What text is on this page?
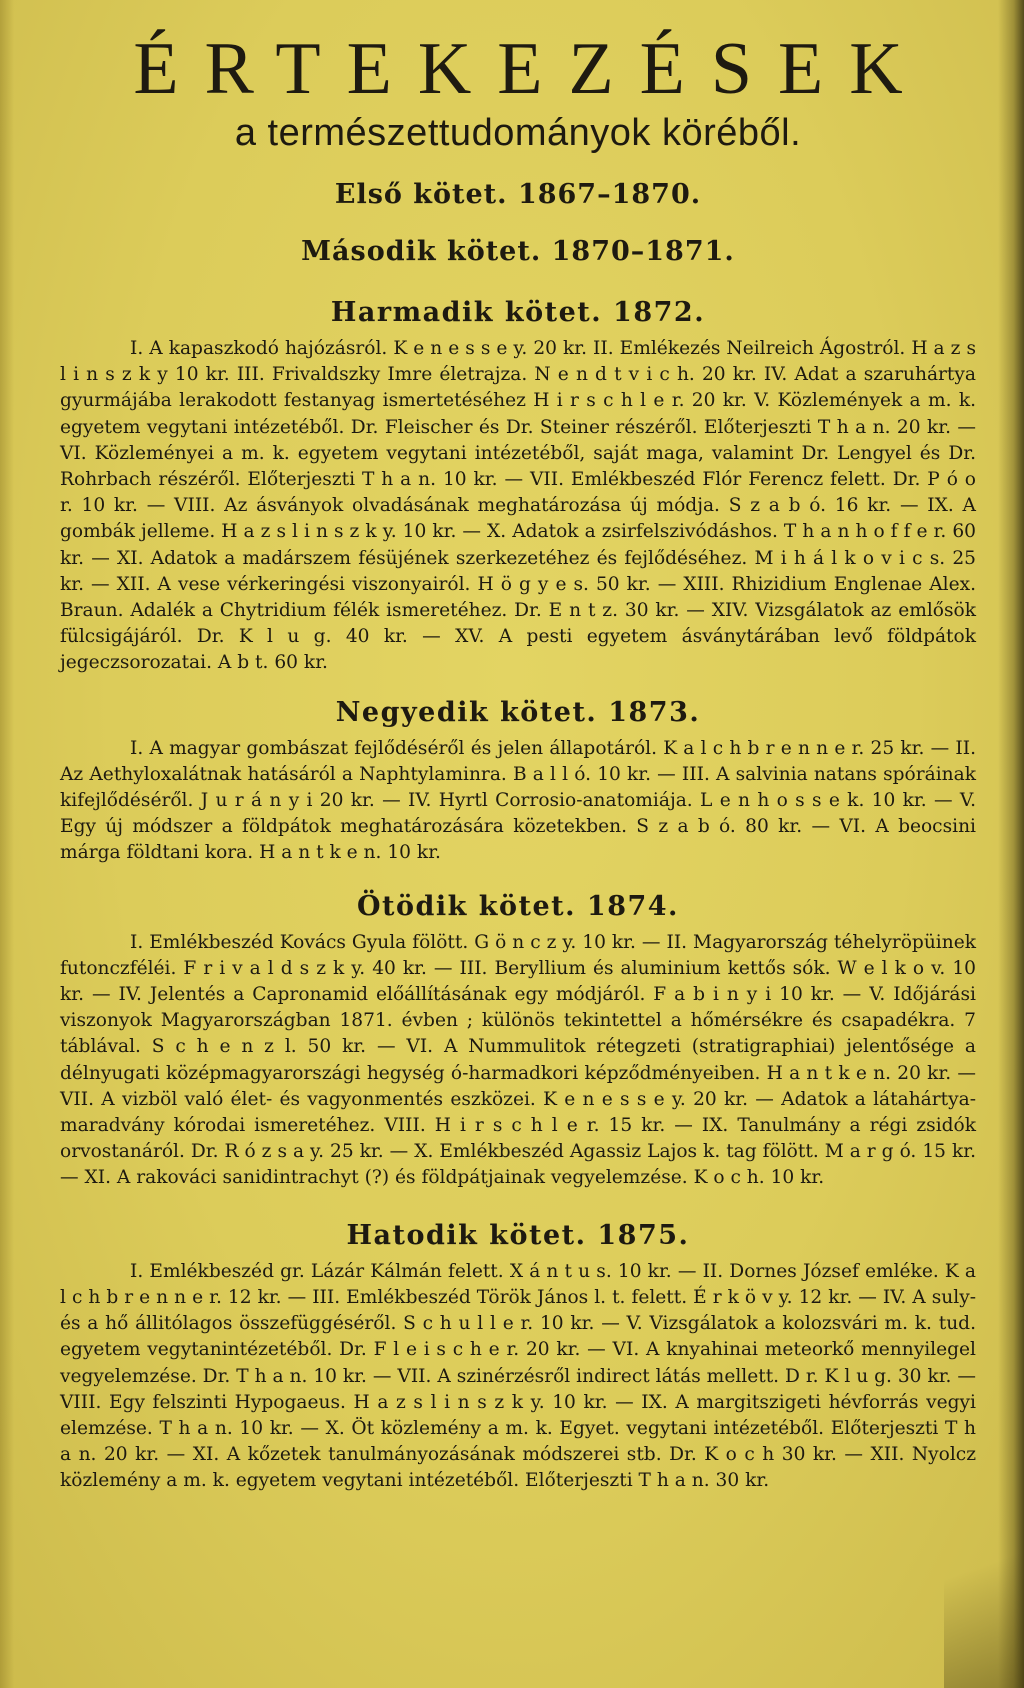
ÉRTEKEZÉSEK
a természettudományok köréből.
Első kötet. 1867–1870.
Második kötet. 1870–1871.
Harmadik kötet. 1872.

I. A kapaszkodó hajózásról. K e n e s s e y. 20 kr. II. Emlékezés Neilreich Ágostról. H a z s l i n s z k y 10 kr. III. Frivaldszky Imre életrajza. N e n d t v i c h. 20 kr. IV. Adat a szaruhártya gyurmájába lerakodott festanyag ismertetéséhez H i r s c h l e r. 20 kr. V. Közlemények a m. k. egyetem vegytani intézetéből. Dr. Fleischer és Dr. Steiner részéről. Előterjeszti T h a n. 20 kr. — VI. Közleményei a m. k. egyetem vegytani intézetéből, saját maga, valamint Dr. Lengyel és Dr. Rohrbach részéről. Előterjeszti T h a n. 10 kr. — VII. Emlékbeszéd Flór Ferencz felett. Dr. P ó o r. 10 kr. — VIII. Az ásványok olvadásának meghatározása új módja. S z a b ó. 16 kr. — IX. A gombák jelleme. H a z s l i n s z k y. 10 kr. — X. Adatok a zsirfelszivódáshos. T h a n h o f f e r. 60 kr. — XI. Adatok a madárszem fésüjének szerkezetéhez és fejlődéséhez. M i h á l k o v i c s. 25 kr. — XII. A vese vérkeringési viszonyairól. H ö g y e s. 50 kr. — XIII. Rhizidium Englenae Alex. Braun. Adalék a Chytridium félék ismeretéhez. Dr. E n t z. 30 kr. — XIV. Vizsgálatok az emlősök fülcsigájáról. Dr. K l u g. 40 kr. — XV. A pesti egyetem ásványtárában levő földpátok jegeczsorozatai. A b t. 60 kr.

Negyedik kötet. 1873.

I. A magyar gombászat fejlődéséről és jelen állapotáról. K a l c h b r e n n e r. 25 kr. — II. Az Aethyloxalátnak hatásáról a Naphtylaminra. B a l l ó. 10 kr. — III. A salvinia natans spóráinak kifejlődéséről. J u r á n y i 20 kr. — IV. Hyrtl Corrosio-anatomiája. L e n h o s s e k. 10 kr. — V. Egy új módszer a földpátok meghatározására közetekben. S z a b ó. 80 kr. — VI. A beocsini márga földtani kora. H a n t k e n. 10 kr.

Ötödik kötet. 1874.

I. Emlékbeszéd Kovács Gyula fölött. G ö n c z y. 10 kr. — II. Magyarország téhelyröpüinek futonczféléi. F r i v a l d s z k y. 40 kr. — III. Beryllium és aluminium kettős sók. W e l k o v. 10 kr. — IV. Jelentés a Capronamid előállításának egy módjáról. F a b i n y i 10 kr. — V. Időjárási viszonyok Magyarországban 1871. évben ; különös tekintettel a hőmérsékre és csapadékra. 7 táblával. S c h e n z l. 50 kr. — VI. A Nummulitok rétegzeti (stratigraphiai) jelentősége a délnyugati középmagyarországi hegység ó-harmadkori képződményeiben. H a n t k e n. 20 kr. — VII. A vizböl való élet- és vagyonmentés eszközei. K e n e s s e y. 20 kr. — Adatok a látahártya-maradvány kórodai ismeretéhez. VIII. H i r s c h l e r. 15 kr. — IX. Tanulmány a régi zsidók orvostanáról. Dr. R ó z s a y. 25 kr. — X. Emlékbeszéd Agassiz Lajos k. tag fölött. M a r g ó. 15 kr. — XI. A rakováci sanidintrachyt (?) és földpátjainak vegyelemzése. K o c h. 10 kr.

Hatodik kötet. 1875.

I. Emlékbeszéd gr. Lázár Kálmán felett. X á n t u s. 10 kr. — II. Dornes József emléke. K a l c h b r e n n e r. 12 kr. — III. Emlékbeszéd Török János l. t. felett. É r k ö v y. 12 kr. — IV. A suly- és a hő állitólagos összefüggéséről. S c h u l l e r. 10 kr. — V. Vizsgálatok a kolozsvári m. k. tud. egyetem vegytanintézetéből. Dr. F l e i s c h e r. 20 kr. — VI. A knyahinai meteorkő mennyilegel vegyelemzése. Dr. T h a n. 10 kr. — VII. A szinérzésről indirect látás mellett. D r. K l u g. 30 kr. — VIII. Egy felszinti Hypogaeus. H a z s l i n s z k y. 10 kr. — IX. A margitszigeti hévforrás vegyi elemzése. T h a n. 10 kr. — X. Öt közlemény a m. k. Egyet. vegytani intézetéből. Előterjeszti T h a n. 20 kr. — XI. A kőzetek tanulmányozásának módszerei stb. Dr. K o c h 30 kr. — XII. Nyolcz közlemény a m. k. egyetem vegytani intézetéből. Előterjeszti T h a n. 30 kr.
